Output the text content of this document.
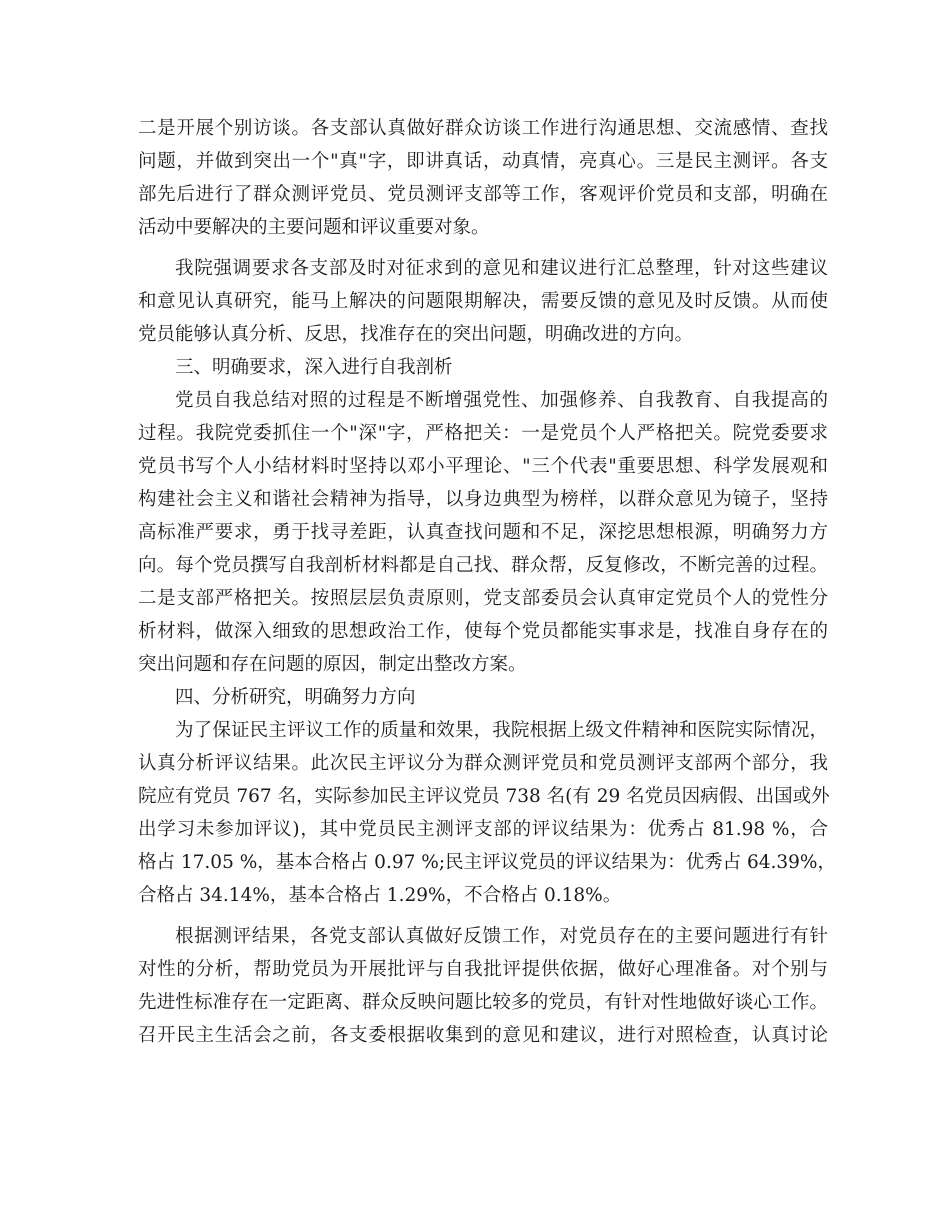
二是开展个别访谈。各支部认真做好群众访谈工作进行沟通思想、交流感情、查找
问题，并做到突出一个"真"字，即讲真话，动真情，亮真心。三是民主测评。各支
部先后进行了群众测评党员、党员测评支部等工作，客观评价党员和支部，明确在
活动中要解决的主要问题和评议重要对象。
我院强调要求各支部及时对征求到的意见和建议进行汇总整理，针对这些建议
和意见认真研究，能马上解决的问题限期解决，需要反馈的意见及时反馈。从而使
党员能够认真分析、反思，找准存在的突出问题，明确改进的方向。
三、明确要求，深入进行自我剖析
党员自我总结对照的过程是不断增强党性、加强修养、自我教育、自我提高的
过程。我院党委抓住一个"深"字，严格把关：一是党员个人严格把关。院党委要求
党员书写个人小结材料时坚持以邓小平理论、"三个代表"重要思想、科学发展观和
构建社会主义和谐社会精神为指导，以身边典型为榜样，以群众意见为镜子，坚持
高标准严要求，勇于找寻差距，认真查找问题和不足，深挖思想根源，明确努力方
向。每个党员撰写自我剖析材料都是自己找、群众帮，反复修改，不断完善的过程。
二是支部严格把关。按照层层负责原则，党支部委员会认真审定党员个人的党性分
析材料，做深入细致的思想政治工作，使每个党员都能实事求是，找准自身存在的
突出问题和存在问题的原因，制定出整改方案。
四、分析研究，明确努力方向
为了保证民主评议工作的质量和效果，我院根据上级文件精神和医院实际情况，
认真分析评议结果。此次民主评议分为群众测评党员和党员测评支部两个部分，我
院应有党员 767 名，实际参加民主评议党员 738 名(有 29 名党员因病假、出国或外
出学习未参加评议)，其中党员民主测评支部的评议结果为：优秀占 81.98 %，合
格占 17.05 %，基本合格占 0.97 %;民主评议党员的评议结果为：优秀占 64.39%，
合格占 34.14%，基本合格占 1.29%，不合格占 0.18%。
根据测评结果，各党支部认真做好反馈工作，对党员存在的主要问题进行有针
对性的分析，帮助党员为开展批评与自我批评提供依据，做好心理准备。对个别与
先进性标准存在一定距离、群众反映问题比较多的党员，有针对性地做好谈心工作。
召开民主生活会之前，各支委根据收集到的意见和建议，进行对照检查，认真讨论
